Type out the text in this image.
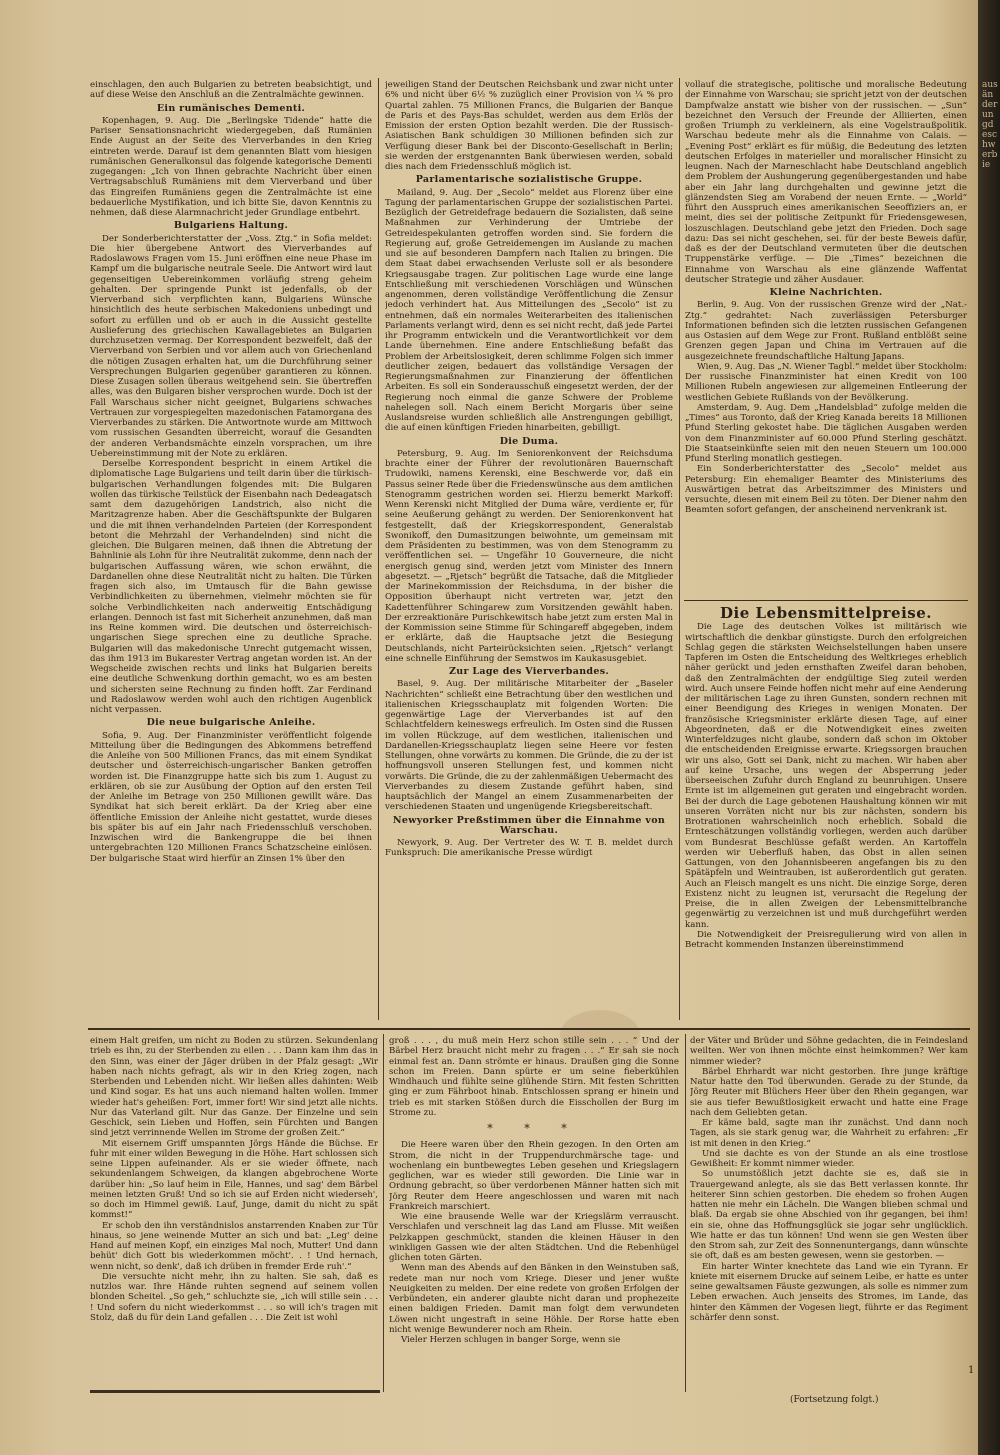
ausänderungdeschwerbie

einschlagen, den auch Bulgarien zu betreten beabsichtigt, und auf diese Weise den Anschluß an die Zentralmächte gewinnen.

Ein rumänisches Dementi.

Kopenhagen, 9. Aug. Die „Berlingske Tidende“ hatte die Pariser Sensationsnachricht wiedergegeben, daß Rumänien Ende August an der Seite des Vierverbandes in den Krieg eintreten werde. Darauf ist dem genannten Blatt vom hiesigen rumänischen Generalkonsul das folgende kategorische Dementi zugegangen: „Ich von Ihnen gebrachte Nachricht über einen Vertragsabschluß Rumäniens mit dem Vierverband und über das Eingreifen Rumäniens gegen die Zentralmächte ist eine bedauerliche Mystifikation, und ich bitte Sie, davon Kenntnis zu nehmen, daß diese Alarmnachricht jeder Grundlage entbehrt.

Bulgariens Haltung.

Der Sonderberichterstatter der „Voss. Ztg.“ in Sofia meldet: Die hier übergebene Antwort des Vierverbandes auf Radoslawows Fragen vom 15. Juni eröffnen eine neue Phase im Kampf um die bulgarische neutrale Seele. Die Antwort wird laut gegenseitigen Uebereinkommen vorläufig streng geheim gehalten. Der springende Punkt ist jedenfalls, ob der Vierverband sich verpflichten kann, Bulgariens Wünsche hinsichtlich des heute serbischen Makedoniens unbedingt und sofort zu erfüllen und ob er auch in die Aussicht gestellte Auslieferung des griechischen Kawallagebietes an Bulgarien durchzusetzen vermag. Der Korrespondent bezweifelt, daß der Vierverband von Serbien und vor allem auch von Griechenland die nötigen Zusagen erhalten hat, um die Durchführung seiner Versprechungen Bulgarien gegenüber garantieren zu können. Diese Zusagen sollen überaus weitgehend sein. Sie übertreffen alles, was den Bulgaren bisher versprochen wurde. Doch ist der Fall Warschaus sicher nicht geeignet, Bulgariens schwaches Vertrauen zur vorgespiegelten mazedonischen Fatamorgana des Vierverbandes zu stärken. Die Antwortnote wurde am Mittwoch vom russischen Gesandten überreicht, worauf die Gesandten der anderen Verbandsmächte einzeln vorsprachen, um ihre Uebereinstimmung mit der Note zu erklären.

Derselbe Korrespondent bespricht in einem Artikel die diplomatische Lage Bulgariens und teilt darin über die türkisch-bulgarischen Verhandlungen folgendes mit: Die Bulgaren wollen das türkische Teilstück der Eisenbahn nach Dedeagatsch samt dem dazugehörigen Landstrich, also nicht die Maritzagrenze haben. Aber die Geschäftspunkte der Bulgaren und die mit ihnen verhandelnden Parteien (der Korrespondent betont die Mehrzahl der Verhandelnden) sind nicht die gleichen. Die Bulgaren meinen, daß ihnen die Abtretung der Bahnlinie als Lohn für ihre Neutralität zukomme, denn nach der bulgarischen Auffassung wären, wie schon erwähnt, die Dardanellen ohne diese Neutralität nicht zu halten. Die Türken fragen sich also, im Umtausch für die Bahn gewisse Verbindlichkeiten zu übernehmen, vielmehr möchten sie für solche Verbindlichkeiten nach anderweitig Entschädigung erlangen. Dennoch ist fast mit Sicherheit anzunehmen, daß man ins Reine kommen wird. Die deutschen und österreichisch-ungarischen Siege sprechen eine zu deutliche Sprache. Bulgarien will das makedonische Unrecht gutgemacht wissen, das ihm 1913 im Bukarester Vertrag angetan worden ist. An der Wegscheide zwischen rechts und links hat Bulgarien bereits eine deutliche Schwenkung dorthin gemacht, wo es am besten und sichersten seine Rechnung zu finden hofft. Zar Ferdinand und Radoslawow werden wohl auch den richtigen Augenblick nicht verpassen.

Die neue bulgarische Anleihe.

Sofia, 9. Aug. Der Finanzminister veröffentlicht folgende Mitteilung über die Bedingungen des Abkommens betreffend die Anleihe von 500 Millionen Francs, das mit einem Syndikat deutscher und österreichisch-ungarischer Banken getroffen worden ist. Die Finanzgruppe hatte sich bis zum 1. August zu erklären, ob sie zur Ausübung der Option auf den ersten Teil der Anleihe im Betrage von 250 Millionen gewillt wäre. Das Syndikat hat sich bereit erklärt. Da der Krieg aber eine öffentliche Emission der Anleihe nicht gestattet, wurde dieses bis später bis auf ein Jahr nach Friedensschluß verschoben. Inzwischen wird die Bankengruppe die bei ihnen untergebrachten 120 Millionen Francs Schatzscheine einlösen. Der bulgarische Staat wird hierfür an Zinsen 1% über den

jeweiligen Stand der Deutschen Reichsbank und zwar nicht unter 6% und nicht über 6½ % zuzüglich einer Provision von ¼ % pro Quartal zahlen. 75 Millionen Francs, die Bulgarien der Banque de Paris et des Pays-Bas schuldet, werden aus dem Erlös der Emission der ersten Option bezahlt werden. Die der Russisch-Asiatischen Bank schuldigen 30 Millionen befinden sich zur Verfügung dieser Bank bei der Disconto-Gesellschaft in Berlin; sie werden der erstgenannten Bank überwiesen werden, sobald dies nach dem Friedensschluß möglich ist.

Parlamentarische sozialistische Gruppe.

Mailand, 9. Aug. Der „Secolo“ meldet aus Florenz über eine Tagung der parlamentarischen Gruppe der sozialistischen Partei. Bezüglich der Getreidefrage bedauern die Sozialisten, daß seine Maßnahmen zur Verhinderung der Umtriebe der Getreidespekulanten getroffen worden sind. Sie fordern die Regierung auf, große Getreidemengen im Auslande zu machen und sie auf besonderen Dampfern nach Italien zu bringen. Die dem Staat dabei erwachsenden Verluste soll er als besondere Kriegsausgabe tragen. Zur politischen Lage wurde eine lange Entschließung mit verschiedenen Vorschlägen und Wünschen angenommen, deren vollständige Veröffentlichung die Zensur jedoch verhindert hat. Aus Mitteilungen des „Secolo“ ist zu entnehmen, daß ein normales Weiterarbeiten des italienischen Parlaments verlangt wird, denn es sei nicht recht, daß jede Partei ihr Programm entwickeln und die Verantwortlichkeit vor dem Lande übernehmen. Eine andere Entschließung befaßt das Problem der Arbeitslosigkeit, deren schlimme Folgen sich immer deutlicher zeigen, bedauert das vollständige Versagen der Regierungsmaßnahmen zur Finanzierung der öffentlichen Arbeiten. Es soll ein Sonderausschuß eingesetzt werden, der der Regierung noch einmal die ganze Schwere der Probleme nahelegen soll. Nach einem Bericht Morgaris über seine Auslandsreise wurden schließlich alle Anstrengungen gebilligt, die auf einen künftigen Frieden hinarbeiten, gebilligt.

Die Duma.

Petersburg, 9. Aug. Im Seniorenkonvent der Reichsduma brachte einer der Führer der revolutionären Bauernschaft Trudowiki, namens Kerenski, eine Beschwerde vor, daß ein Passus seiner Rede über die Friedenswünsche aus dem amtlichen Stenogramm gestrichen worden sei. Hierzu bemerkt Markoff: Wenn Kerenski nicht Mitglied der Duma wäre, verdiente er, für seine Aeußerung gehängt zu werden. Der Seniorenkonvent hat festgestellt, daß der Kriegskorrespondent, Generalstab Swonikoff, den Dumasitzungen beiwohnte, um gemeinsam mit dem Präsidenten zu bestimmen, was von dem Stenogramm zu veröffentlichen sei. — Ungefähr 10 Gouverneure, die nicht energisch genug sind, werden jetzt vom Minister des Innern abgesetzt. — „Rjetsch“ begrüßt die Tatsache, daß die Mitglieder der Marinekommission der Reichsduma, in der bisher die Opposition überhaupt nicht vertreten war, jetzt den Kadettenführer Schingarew zum Vorsitzenden gewählt haben. Der erzreaktionäre Purischkewitsch habe jetzt zum ersten Mal in der Kommission seine Stimme für Schingareff abgegeben, indem er erklärte, daß die Hauptsache jetzt die Besiegung Deutschlands, nicht Parteirücksichten seien. „Rjetsch“ verlangt eine schnelle Einführung der Semstwos im Kaukasusgebiet.

Zur Lage des Vierverbandes.

Basel, 9. Aug. Der militärische Mitarbeiter der „Baseler Nachrichten“ schließt eine Betrachtung über den westlichen und italienischen Kriegsschauplatz mit folgenden Worten: Die gegenwärtige Lage der Vierverbandes ist auf den Schlachtfeldern keineswegs erfreulich. Im Osten sind die Russen im vollen Rückzuge, auf dem westlichen, italienischen und Dardanellen-Kriegsschauplatz liegen seine Heere vor festen Stellungen, ohne vorwärts zu kommen. Die Gründe, die zu der ist hoffnungsvoll unseren Stellungen fest, und kommen nicht vorwärts. Die Gründe, die zu der zahlenmäßigen Uebermacht des Vierverbandes zu diesem Zustande geführt haben, sind hauptsächlich der Mangel an einem Zusammenarbeiten der verschiedenen Staaten und ungenügende Kriegsbereitschaft.

Newyorker Preßstimmen über die Einnahme von Warschau.

Newyork, 9. Aug. Der Vertreter des W. T. B. meldet durch Funkspruch: Die amerikanische Presse würdigt

vollauf die strategische, politische und moralische Bedeutung der Einnahme von Warschau; sie spricht jetzt von der deutschen Dampfwalze anstatt wie bisher von der russischen. — „Sun“ bezeichnet den Versuch der Freunde der Alliierten, einen großen Triumph zu verkleinern, als eine Vogelstraußpolitik. Warschau bedeute mehr als die Einnahme von Calais. — „Evening Post“ erklärt es für müßig, die Bedeutung des letzten deutschen Erfolges in materieller und moralischer Hinsicht zu leugnen. Nach der Marneschlacht habe Deutschland angeblich dem Problem der Aushungerung gegenübergestanden und habe aber ein Jahr lang durchgehalten und gewinne jetzt die glänzendsten Sieg am Vorabend der neuen Ernte. — „World“ führt den Ausspruch eines amerikanischen Seeoffiziers an, er meint, dies sei der politische Zeitpunkt für Friedensgewesen, loszuschlagen. Deutschland gebe jetzt den Frieden. Doch sage dazu: Das sei nicht geschehen, sei. für der beste Beweis dafür, daß es der der Deutschland vermuteten über die deutschen Truppenstärke verfüge. — Die „Times“ bezeichnen die Einnahme von Warschau als eine glänzende Waffentat deutscher Strategie und zäher Ausdauer.

Kleine Nachrichten.

Berlin, 9. Aug. Von der russischen Grenze wird der „Nat.-Ztg.“ gedrahtet: Nach zuverlässigen Petersburger Informationen befinden sich die letzten russischen Gefangenen aus Ostasien auf dem Wege zur Front. Rußland entblößt seine Grenzen gegen Japan und China im Vertrauen auf die ausgezeichnete freundschaftliche Haltung Japans.

Wien, 9. Aug. Das „N. Wiener Tagbl.“ meldet über Stockholm: Der russische Finanzminister hat einen Kredit von 100 Millionen Rubeln angewiesen zur allgemeinen Entleerung der westlichen Gebiete Rußlands von der Bevölkerung.

Amsterdam, 9. Aug. Dem „Handelsblad“ zufolge melden die „Times“ aus Toronto, daß der Krieg Kanada bereits 18 Millionen Pfund Sterling gekostet habe. Die täglichen Ausgaben werden von dem Finanzminister auf 60.000 Pfund Sterling geschätzt. Die Staatseinkünfte seien mit den neuen Steuern um 100.000 Pfund Sterling monatlich gestiegen.

Ein Sonderberichterstatter des „Secolo“ meldet aus Petersburg: Ein ehemaliger Beamter des Ministeriums des Auswärtigen betrat das Arbeitszimmer des Ministers und versuchte, diesen mit einem Beil zu töten. Der Diener nahm den Beamten sofort gefangen, der anscheinend nervenkrank ist.

Die Lebensmittelpreise.

Die Lage des deutschen Volkes ist militärisch wie wirtschaftlich die denkbar günstigste. Durch den erfolgreichen Schlag gegen die stärksten Weichselstellungen haben unsere Tapferen im Osten die Entscheidung des Weltkrieges erheblich näher gerückt und jeden ernsthaften Zweifel daran behoben, daß den Zentralmächten der endgültige Sieg zuteil werden wird. Auch unsere Feinde hoffen nicht mehr auf eine Aenderung der militärischen Lage zu ihren Gunsten, sondern rechnen mit einer Beendigung des Krieges in wenigen Monaten. Der französische Kriegsminister erklärte diesen Tage, auf einer Abgeordneten, daß er die Notwendigkeit eines zweiten Winterfeldzuges nicht glaube, sondern daß schon im Oktober die entscheidenden Ereignisse erwarte. Kriegssorgen brauchen wir uns also, Gott sei Dank, nicht zu machen. Wir haben aber auf keine Ursache, uns wegen der Absperrung jeder überseeischen Zufuhr durch England zu beunruhigen. Unsere Ernte ist im allgemeinen gut geraten und eingebracht worden. Bei der durch die Lage gebotenen Haushaltung können wir mit unseren Vorräten nicht nur bis zur nächsten, sondern bis Brotrationen wahrscheinlich noch erheblich. Sobald die Ernteschätzungen vollständig vorliegen, werden auch darüber vom Bundesrat Beschlüsse gefaßt werden. An Kartoffeln werden wir Ueberfluß haben, das Obst in allen seinen Gattungen, von den Johannisbeeren angefangen bis zu den Spätäpfeln und Weintrauben, ist außerordentlich gut geraten. Auch an Fleisch mangelt es uns nicht. Die einzige Sorge, deren Existenz nicht zu leugnen ist, verursacht die Regelung der Preise, die in allen Zweigen der Lebensmittelbranche gegenwärtig zu verzeichnen ist und muß durchgeführt werden kann.

Die Notwendigkeit der Preisregulierung wird von allen in Betracht kommenden Instanzen übereinstimmend

einem Halt greifen, um nicht zu Boden zu stürzen. Sekundenlang trieb es ihn, zu der Sterbenden zu eilen . . . Dann kam ihm das in den Sinn, was einer der Jäger drüben in der Pfalz gesagt: „Wir haben nach nichts gefragt, als wir in den Krieg zogen, nach Sterbenden und Lebenden nicht. Wir ließen alles dahinten: Weib und Kind sogar. Es hat uns auch niemand halten wollen. Immer wieder hat's geheißen: Fort, immer fort! Wir sind jetzt alle nichts. Nur das Vaterland gilt. Nur das Ganze. Der Einzelne und sein Geschick, sein Lieben und Hoffen, sein Fürchten und Bangen sind jetzt verrinnende Wellen im Strome der großen Zeit.“

Mit eisernem Griff umspannten Jörgs Hände die Büchse. Er fuhr mit einer wilden Bewegung in die Höhe. Hart schlossen sich seine Lippen aufeinander. Als er sie wieder öffnete, nach sekundenlangem Schweigen, da klangen abgebrochene Worte darüber hin: „So lauf heim in Eile, Hannes, und sag' dem Bärbel meinen letzten Gruß! Und so ich sie auf Erden nicht wiederseh', so doch im Himmel gewiß. Lauf, Junge, damit du nicht zu spät kommst!“

Er schob den ihn verständnislos anstarrenden Knaben zur Tür hinaus, so jene weinende Mutter an sich und bat: „Leg' deine Hand auf meinen Kopf, ein einziges Mal noch, Mutter! Und dann behüt' dich Gott bis wiederkommen möcht'. . ! Und hernach, wenn nicht, so denk', daß ich drüben in fremder Erde ruh'.“

Die versuchte nicht mehr, ihn zu halten. Sie sah, daß es nutzlos war. Ihre Hände ruhten segnend auf seinem vollen blonden Scheitel. „So geh,“ schluchzte sie, „ich will stille sein . . . ! Und sofern du nicht wiederkommst . . . so will ich's tragen mit Stolz, daß du für dein Land gefallen . . . Die Zeit ist wohl

groß . . . , du muß mein Herz schon stille sein . . . “ Und der Bärbel Herz braucht nicht mehr zu fragen . . .“ Er sah sie noch einmal fest an. Dann strömte er hinaus. Draußen ging die Sonne schon im Freien. Dann spürte er um seine fieberkühlen Windhauch und fühlte seine glühende Stirn. Mit festen Schritten ging er zum Fährboot hinab. Entschlossen sprang er hinein und trieb es mit starken Stößen durch die Eisschollen der Burg im Strome zu.

* * *

Die Heere waren über den Rhein gezogen. In den Orten am Strom, die nicht in der Truppendurchmärsche tage- und wochenlang ein buntbewegtes Leben gesehen und Kriegslagern geglichen, war es wieder still geworden. Die Linie war in Ordnung gebracht, so über verdorbenen Männer hatten sich mit Jörg Reuter dem Heere angeschlossen und waren mit nach Frankreich marschiert.

Wie eine brausende Welle war der Kriegslärm verrauscht. Verschlafen und verschneit lag das Land am Flusse. Mit weißen Pelzkappen geschmückt, standen die kleinen Häuser in den winkligen Gassen wie der alten Städtchen. Und die Rebenhügel glichen toten Gärten.

Wenn man des Abends auf den Bänken in den Weinstuben saß, redete man nur noch vom Kriege. Dieser und jener wußte Neuigkeiten zu melden. Der eine redete von großen Erfolgen der Verbündeten, ein anderer glaubte nicht daran und prophezeite einen baldigen Frieden. Damit man folgt dem verwundeten Löwen nicht ungestraft in seine Höhle. Der Rorse hatte eben nicht wenige Bewunderer noch am Rhein.

Vieler Herzen schlugen in banger Sorge, wenn sie

der Väter und Brüder und Söhne gedachten, die in Feindesland weilten. Wer von ihnen möchte einst heimkommen? Wer kam nimmer wieder?

Bärbel Ehrhardt war nicht gestorben. Ihre junge kräftige Natur hatte den Tod überwunden. Gerade zu der Stunde, da Jörg Reuter mit Blüchers Heer über den Rhein gegangen, war sie aus tiefer Bewußtlosigkeit erwacht und hatte eine Frage nach dem Geliebten getan.

Er käme bald, sagte man ihr zunächst. Und dann noch Tagen, als sie stark genug war, die Wahrheit zu erfahren: „Er ist mit denen in den Krieg.“

Und sie dachte es von der Stunde an als eine trostlose Gewißheit: Er kommt nimmer wieder.

So unumstößlich jetzt dachte sie es, daß sie in Trauergewand anlegte, als sie das Bett verlassen konnte. Ihr heiterer Sinn schien gestorben. Die ehedem so frohen Augen hatten nie mehr ein Lächeln. Die Wangen blieben schmal und blaß. Da ergab sie ohne Abschied von ihr gegangen, bei ihm! ein sie, ohne das Hoffnungsglück sie jogar sehr unglücklich. Wie hatte er das tun können! Und wenn sie gen Westen über den Strom sah, zur Zeit des Sonnenuntergangs, dann wünschte sie oft, daß es am besten gewesen, wenn sie gestorben. —

Ein harter Winter knechtete das Land wie ein Tyrann. Er kniete mit eisernem Drucke auf seinem Leibe, er hatte es unter seine gewaltsamen Fäuste gezwungen, als solle es nimmer zum Leben erwachen. Auch jenseits des Stromes, im Lande, das hinter den Kämmen der Vogesen liegt, führte er das Regiment schärfer denn sonst.

1
(Fortsetzung folgt.)
